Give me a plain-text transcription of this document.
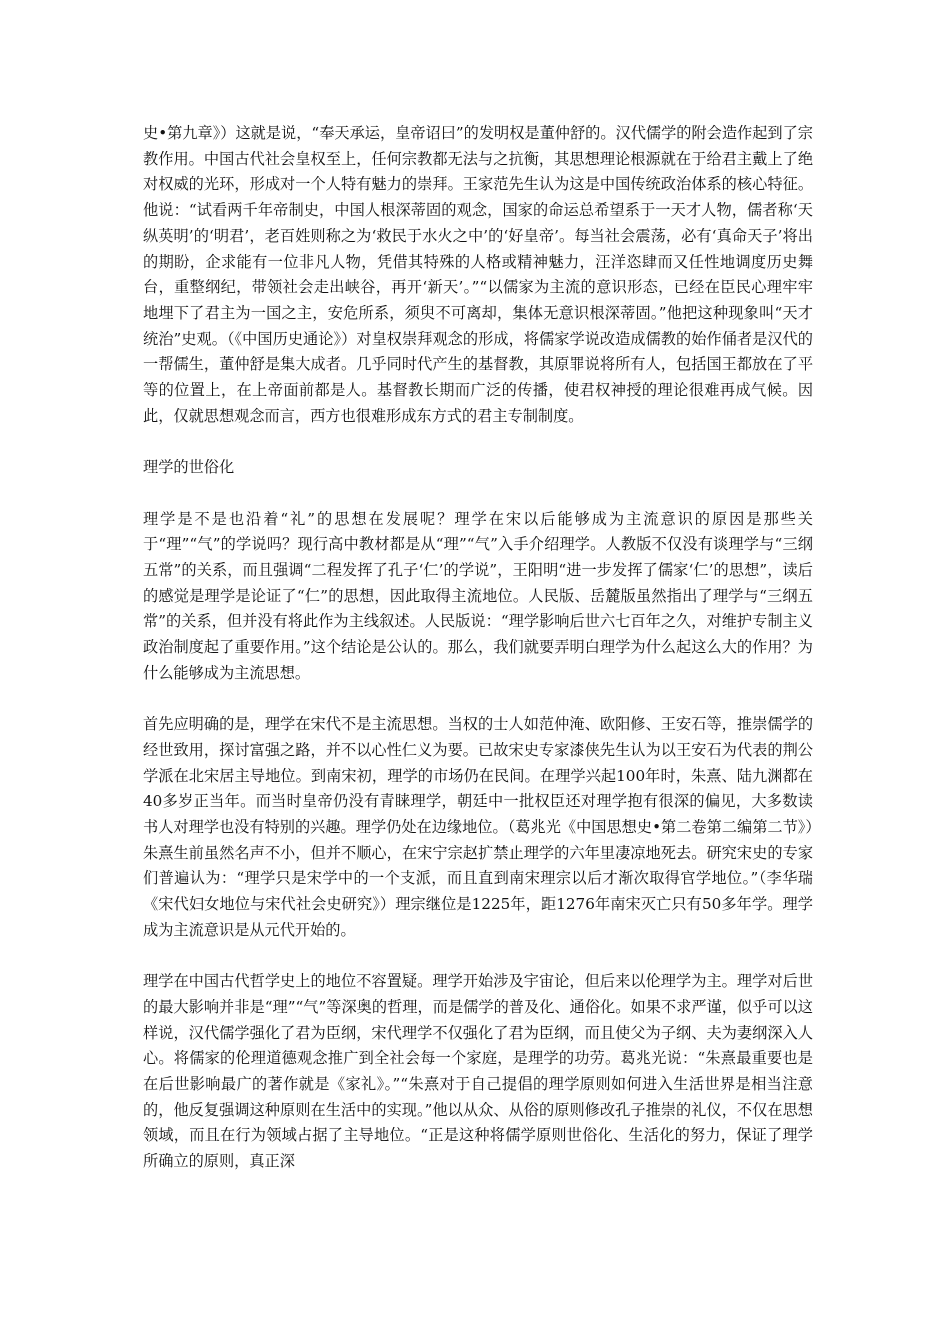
史•第九章》）这就是说，“奉天承运，皇帝诏曰”的发明权是董仲舒的。汉代儒学的附会造作起到了宗教作用。中国古代社会皇权至上，任何宗教都无法与之抗衡，其思想理论根源就在于给君主戴上了绝对权威的光环，形成对一个人特有魅力的崇拜。王家范先生认为这是中国传统政治体系的核心特征。他说：“试看两千年帝制史，中国人根深蒂固的观念，国家的命运总希望系于一天才人物，儒者称‘天纵英明’的‘明君’，老百姓则称之为‘救民于水火之中’的‘好皇帝’。每当社会震荡，必有‘真命天子’将出的期盼，企求能有一位非凡人物，凭借其特殊的人格或精神魅力，汪洋恣肆而又任性地调度历史舞台，重整纲纪，带领社会走出峡谷，再开‘新天’。”“以儒家为主流的意识形态，已经在臣民心理牢牢地埋下了君主为一国之主，安危所系，须臾不可离却，集体无意识根深蒂固。”他把这种现象叫“天才统治”史观。（《中国历史通论》）对皇权崇拜观念的形成，将儒家学说改造成儒教的始作俑者是汉代的一帮儒生，董仲舒是集大成者。几乎同时代产生的基督教，其原罪说将所有人，包括国王都放在了平等的位置上，在上帝面前都是人。基督教长期而广泛的传播，使君权神授的理论很难再成气候。因此，仅就思想观念而言，西方也很难形成东方式的君主专制制度。

理学的世俗化

理学是不是也沿着“礼”的思想在发展呢？理学在宋以后能够成为主流意识的原因是那些关于“理”“气”的学说吗？现行高中教材都是从“理”“气”入手介绍理学。人教版不仅没有谈理学与“三纲五常”的关系，而且强调“二程发挥了孔子‘仁’的学说”，王阳明“进一步发挥了儒家‘仁’的思想”，读后的感觉是理学是论证了“仁”的思想，因此取得主流地位。人民版、岳麓版虽然指出了理学与“三纲五常”的关系，但并没有将此作为主线叙述。人民版说：“理学影响后世六七百年之久，对维护专制主义政治制度起了重要作用。”这个结论是公认的。那么，我们就要弄明白理学为什么起这么大的作用？为什么能够成为主流思想。

首先应明确的是，理学在宋代不是主流思想。当权的士人如范仲淹、欧阳修、王安石等，推崇儒学的经世致用，探讨富强之路，并不以心性仁义为要。已故宋史专家漆侠先生认为以王安石为代表的荆公学派在北宋居主导地位。到南宋初，理学的市场仍在民间。在理学兴起100年时，朱熹、陆九渊都在40多岁正当年。而当时皇帝仍没有青睐理学，朝廷中一批权臣还对理学抱有很深的偏见，大多数读书人对理学也没有特别的兴趣。理学仍处在边缘地位。（葛兆光《中国思想史•第二卷第二编第二节》）朱熹生前虽然名声不小，但并不顺心，在宋宁宗赵扩禁止理学的六年里凄凉地死去。研究宋史的专家们普遍认为：“理学只是宋学中的一个支派，而且直到南宋理宗以后才渐次取得官学地位。”（李华瑞《宋代妇女地位与宋代社会史研究》）理宗继位是1225年，距1276年南宋灭亡只有50多年学。理学成为主流意识是从元代开始的。

理学在中国古代哲学史上的地位不容置疑。理学开始涉及宇宙论，但后来以伦理学为主。理学对后世的最大影响并非是“理”“气”等深奥的哲理，而是儒学的普及化、通俗化。如果不求严谨，似乎可以这样说，汉代儒学强化了君为臣纲，宋代理学不仅强化了君为臣纲，而且使父为子纲、夫为妻纲深入人心。将儒家的伦理道德观念推广到全社会每一个家庭，是理学的功劳。葛兆光说：“朱熹最重要也是在后世影响最广的著作就是《家礼》。”“朱熹对于自己提倡的理学原则如何进入生活世界是相当注意的，他反复强调这种原则在生活中的实现。”他以从众、从俗的原则修改孔子推崇的礼仪，不仅在思想领域，而且在行为领域占据了主导地位。“正是这种将儒学原则世俗化、生活化的努力，保证了理学所确立的原则，真正深
